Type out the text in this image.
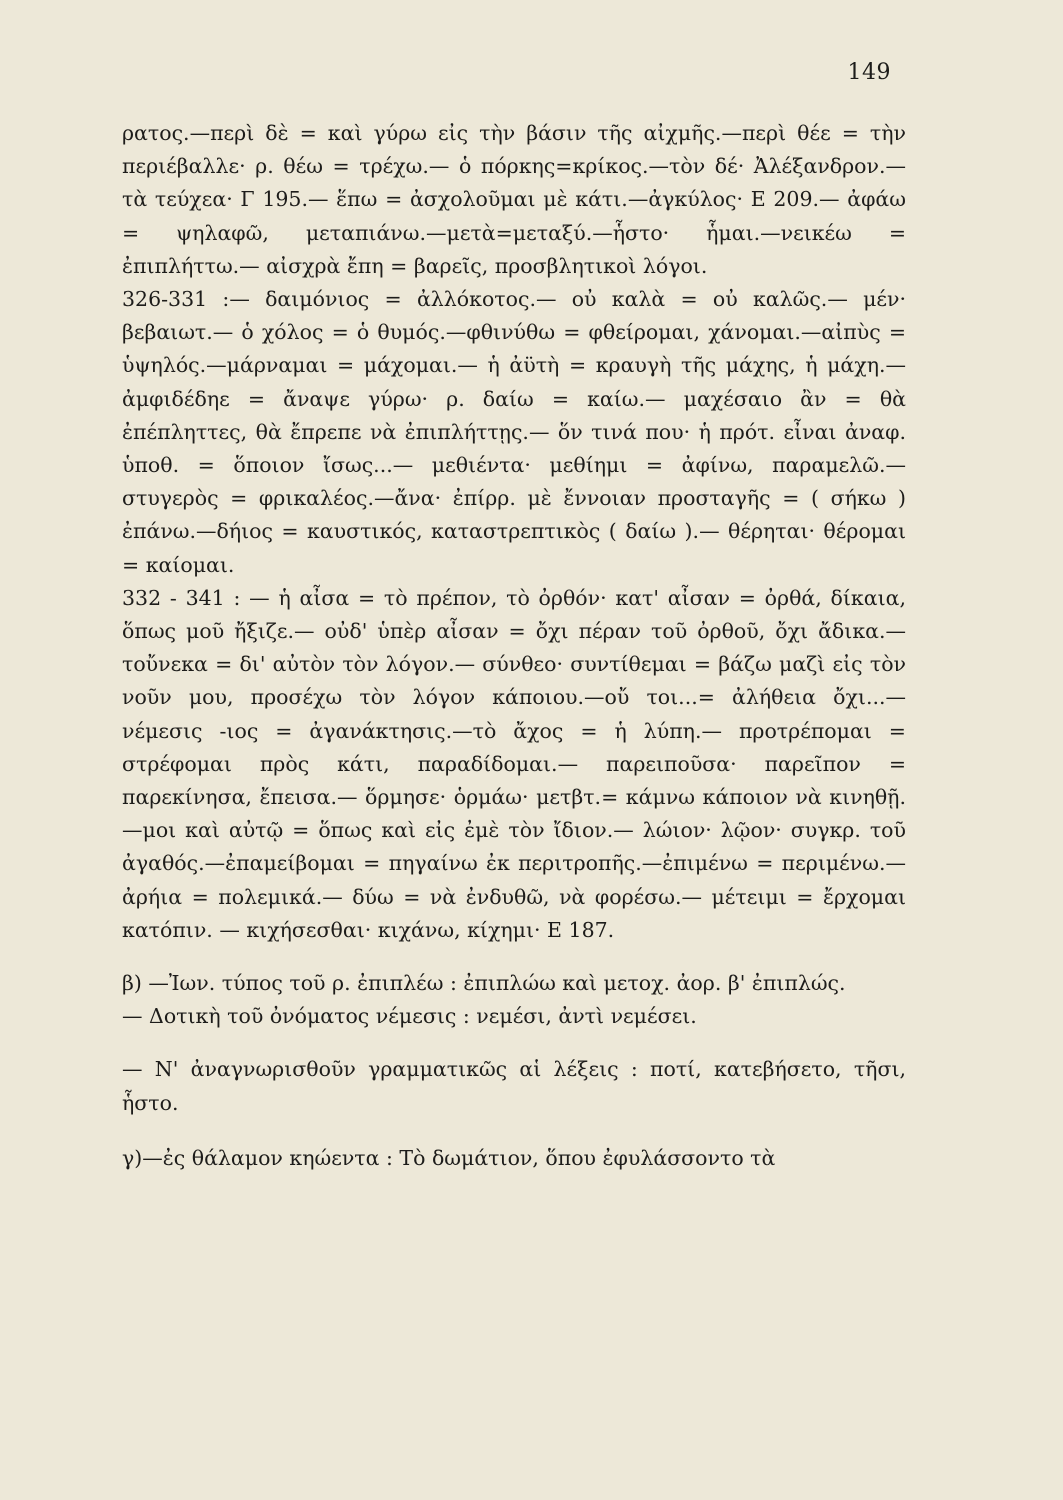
149

ρατος.—περὶ δὲ = καὶ γύρω εἰς τὴν βάσιν τῆς αἰχμῆς.—περὶ θέε = τὴν περιέβαλλε· ρ. θέω = τρέχω.— ὁ πόρκης=κρίκος.—τὸν δέ· Ἀλέξανδρον.— τὰ τεύχεα· Γ 195.— ἕπω = ἀσχολοῦμαι μὲ κάτι.—ἀγκύλος· Ε 209.— ἀφάω = ψηλαφῶ, μεταπιάνω.—μετὰ=μεταξύ.—ἧστο· ἧμαι.—νεικέω = ἐπιπλήττω.— αἰσχρὰ ἔπη = βαρεῖς, προσβλητικοὶ λόγοι.

326-331 :— δαιμόνιος = ἀλλόκοτος.— οὐ καλὰ = οὐ καλῶς.— μέν· βεβαιωτ.— ὁ χόλος = ὁ θυμός.—φθινύθω = φθείρομαι, χάνομαι.—αἰπὺς = ὑψηλός.—μάρναμαι = μάχομαι.— ἡ ἀϋτὴ = κραυγὴ τῆς μάχης, ἡ μάχη.— ἀμφιδέδηε = ἄναψε γύρω· ρ. δαίω = καίω.— μαχέσαιο ἂν = θὰ ἐπέπληττες, θὰ ἔπρεπε νὰ ἐπιπλήττῃς.— ὅν τινά που· ἡ πρότ. εἶναι ἀναφ. ὑποθ. = ὅποιον ἴσως...— μεθιέντα· μεθίημι = ἀφίνω, παραμελῶ.— στυγερὸς = φρικαλέος.—ἄνα· ἐπίρρ. μὲ ἔννοιαν προσταγῆς = ( σήκω ) ἐπάνω.—δήιος = καυστικός, καταστρεπτικὸς ( δαίω ).— θέρηται· θέρομαι = καίομαι.

332 - 341 : — ἡ αἶσα = τὸ πρέπον, τὸ ὀρθόν· κατ' αἶσαν = ὀρθά, δίκαια, ὅπως μοῦ ἤξιζε.— οὐδ' ὑπὲρ αἶσαν = ὄχι πέραν τοῦ ὀρθοῦ, ὄχι ἄδικα.—τοὔνεκα = δι' αὐτὸν τὸν λόγον.— σύνθεο· συντίθεμαι = βάζω μαζὶ εἰς τὸν νοῦν μου, προσέχω τὸν λόγον κάποιου.—οὔ τοι...= ἀλήθεια ὄχι...— νέμεσις -ιος = ἀγανάκτησις.—τὸ ἄχος = ἡ λύπη.— προτρέπομαι = στρέφομαι πρὸς κάτι, παραδίδομαι.— παρειποῦσα· παρεῖπον = παρεκίνησα, ἔπεισα.— ὅρμησε· ὁρμάω· μετβτ.= κάμνω κάποιον νὰ κινηθῇ.—μοι καὶ αὐτῷ = ὅπως καὶ εἰς ἐμὲ τὸν ἴδιον.— λώιον· λῷον· συγκρ. τοῦ ἀγαθός.—ἐπαμείβομαι = πηγαίνω ἐκ περιτροπῆς.—ἐπιμένω = περιμένω.— ἀρήια = πολεμικά.— δύω = νὰ ἐνδυθῶ, νὰ φορέσω.— μέτειμι = ἔρχομαι κατόπιν. — κιχήσεσθαι· κιχάνω, κίχημι· Ε 187.

β) —Ἰων. τύπος τοῦ ρ. ἐπιπλέω : ἐπιπλώω καὶ μετοχ. ἀορ. β' ἐπιπλώς.

— Δοτικὴ τοῦ ὀνόματος νέμεσις : νεμέσι, ἀντὶ νεμέσει.

— Ν' ἀναγνωρισθοῦν γραμματικῶς αἱ λέξεις : ποτί, κατεβήσετο, τῆσι, ἧστο.

γ)—ἐς θάλαμον κηώεντα : Τὸ δωμάτιον, ὅπου ἐφυλάσσοντο τὰ
